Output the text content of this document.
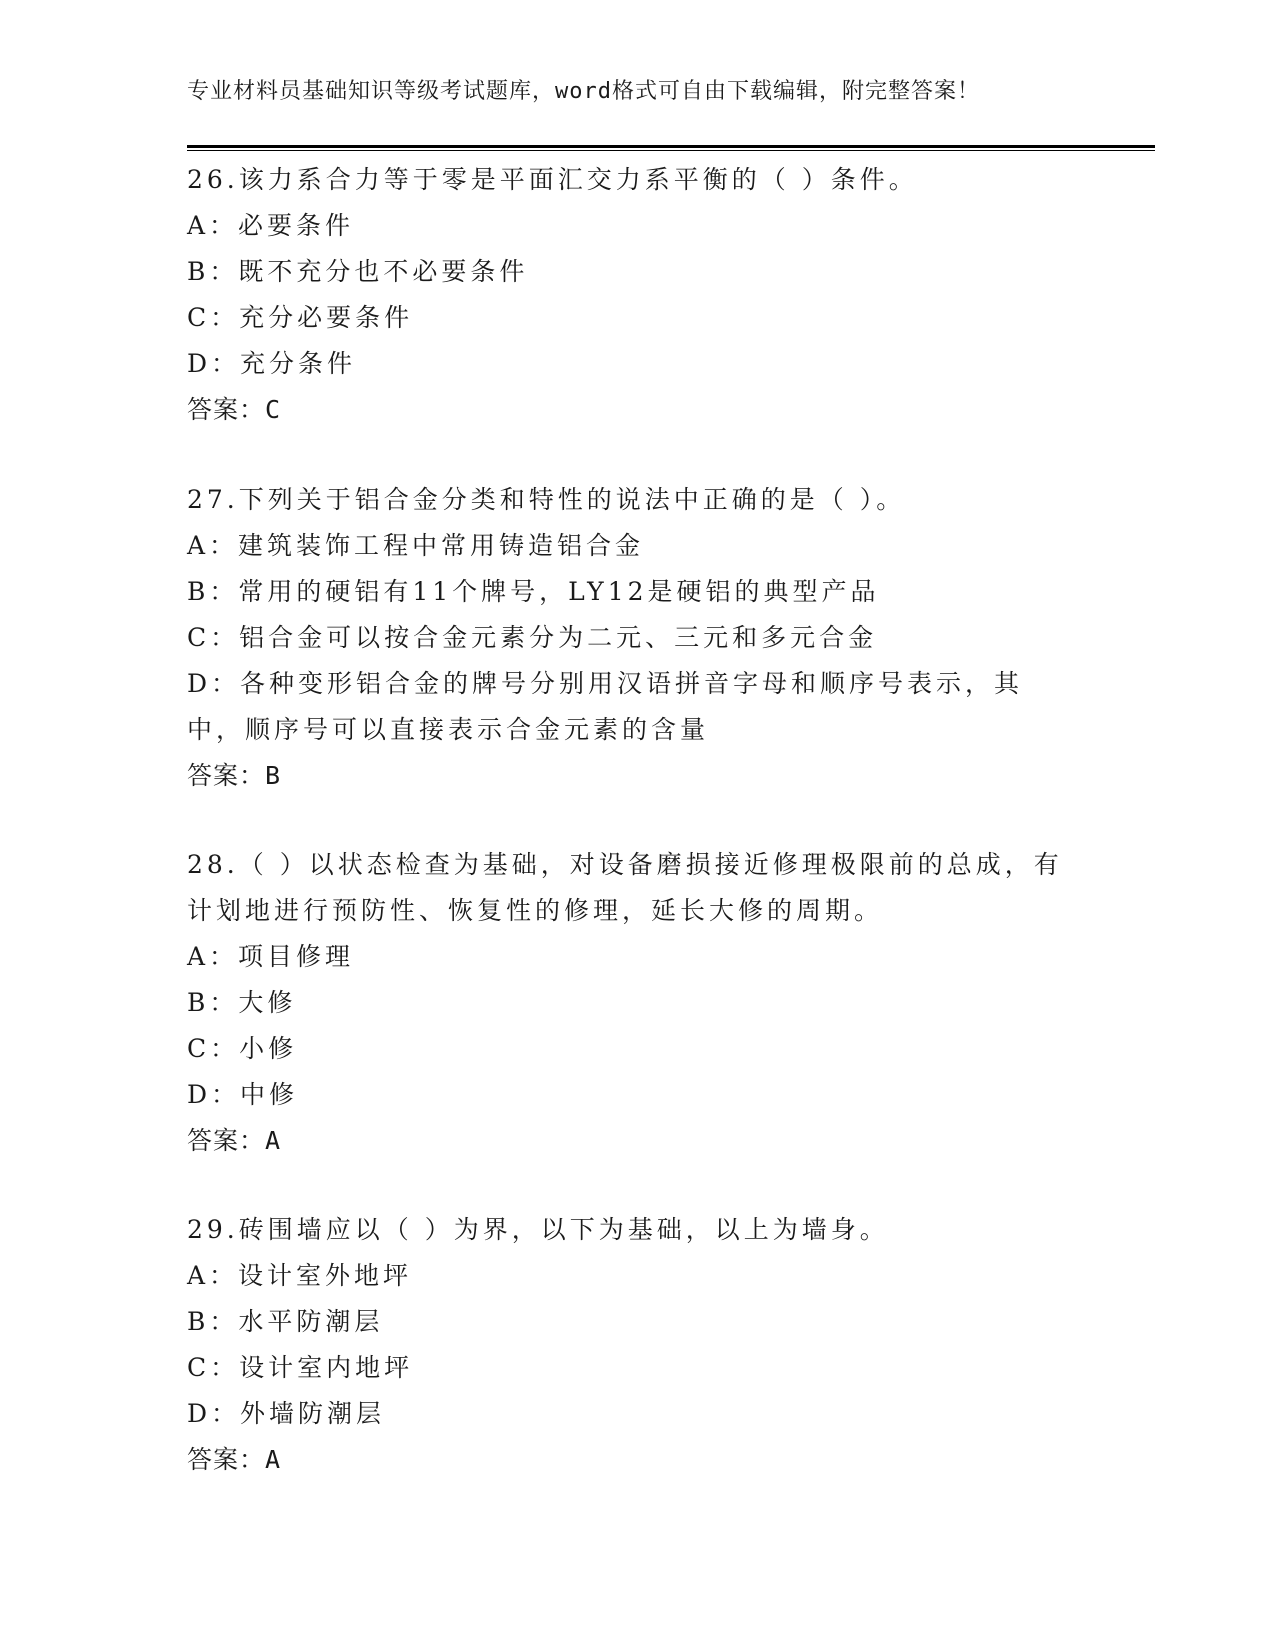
专业材料员基础知识等级考试题库，word格式可自由下载编辑，附完整答案！
26.该力系合力等于零是平面汇交力系平衡的（ ）条件。
A：必要条件
B：既不充分也不必要条件
C：充分必要条件
D：充分条件
答案：C
27.下列关于铝合金分类和特性的说法中正确的是（ ）。
A：建筑装饰工程中常用铸造铝合金
B：常用的硬铝有11个牌号，LY12是硬铝的典型产品
C：铝合金可以按合金元素分为二元、三元和多元合金
D：各种变形铝合金的牌号分别用汉语拼音字母和顺序号表示，其中，顺序号可以直接表示合金元素的含量
答案：B
28.（ ）以状态检查为基础，对设备磨损接近修理极限前的总成，有计划地进行预防性、恢复性的修理，延长大修的周期。
A：项目修理
B：大修
C：小修
D：中修
答案：A
29.砖围墙应以（ ）为界，以下为基础，以上为墙身。
A：设计室外地坪
B：水平防潮层
C：设计室内地坪
D：外墙防潮层
答案：A
